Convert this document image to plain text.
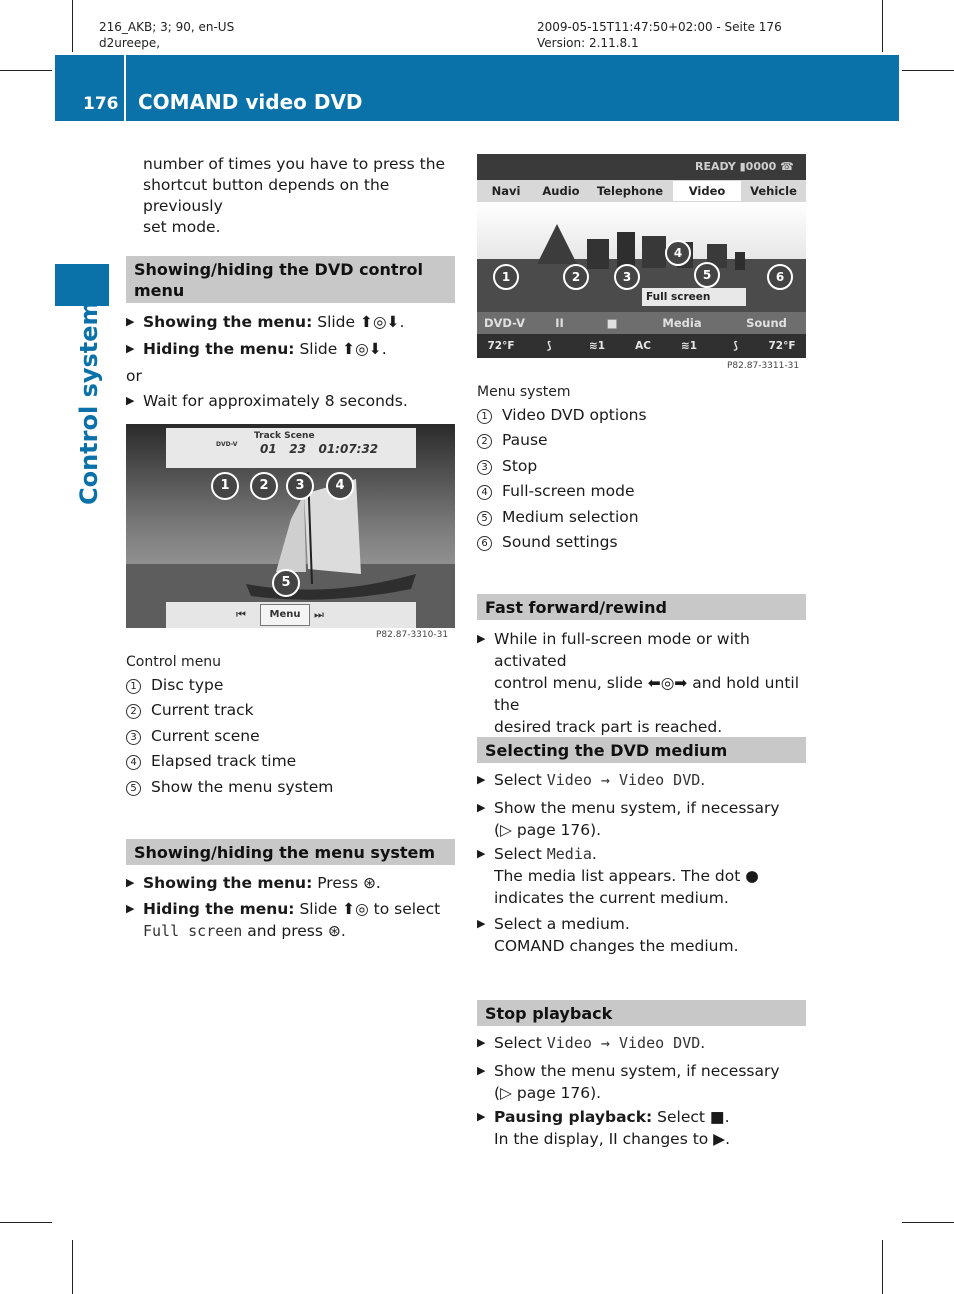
216_AKB; 3; 90, en-US
d2ureepe,
2009-05-15T11:47:50+02:00 - Seite 176
Version: 2.11.8.1
176 COMAND video DVD
Control systems
number of times you have to press the
shortcut button depends on the previously
set mode.
Showing/hiding the DVD control
menu
▶ Showing the menu: Slide ⬆◎⬇.
▶ Hiding the menu: Slide ⬆◎⬇.
or
▶ Wait for approximately 8 seconds.
Track Scene
DVD-V 01   23   01:07:32
1	2	3	4
5
⏮	Menu	⏭
P82.87-3310-31
Control menu
1 Disc type
2 Current track
3 Current scene
4 Elapsed track time
5 Show the menu system
Showing/hiding the menu system
▶ Showing the menu: Press ⊛.
▶ Hiding the menu: Slide ⬆◎ to select
Full screen and press ⊛.
READY ▮0000 ☎
Navi	Audio	Telephone	Video	Vehicle
Full screen
1	2	3
4
5	6
DVD-V	II	■	Media	Sound
72°F	⟆	≋1	AC	≋1	⟆	72°F
P82.87-3311-31
Menu system
1 Video DVD options
2 Pause
3 Stop
4 Full-screen mode
5 Medium selection
6 Sound settings
Fast forward/rewind
▶ While in full-screen mode or with activated
control menu, slide ⬅◎➡ and hold until the
desired track part is reached.
Selecting the DVD medium
▶ Select Video → Video DVD.
▶ Show the menu system, if necessary
(▷ page 176).
▶ Select Media.
The media list appears. The dot ●
indicates the current medium.
▶ Select a medium.
COMAND changes the medium.
Stop playback
▶ Select Video → Video DVD.
▶ Show the menu system, if necessary
(▷ page 176).
▶ Pausing playback: Select ■.
In the display, II changes to ▶.
